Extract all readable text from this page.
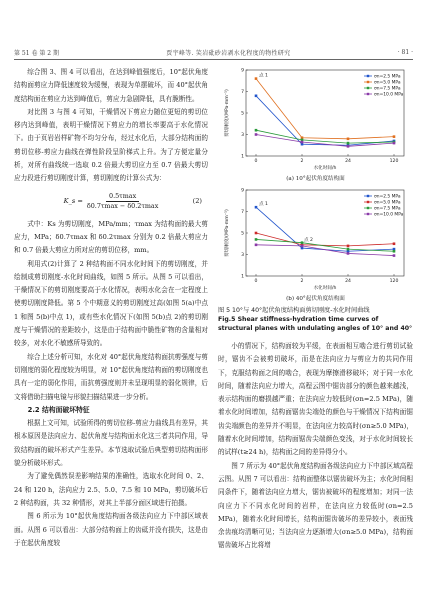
第 51 卷 第 2 期	贾宇峰等. 笑岩砒砂岩剥水化程度的物性研究	· 81 ·

综合图 3、图 4 可以看出，在达到峰值强度后，10°起伏角度结构面剪应力降低速度较为缓慢，表现为单摆破坏，而 40°起伏角度结构面在剪应力达到峰值后，剪应力急剧降低，具有脆断性。

对比图 3 与图 4 可知，干燥情况下剪应力随位更短的剪切位移内达到峰值，表明干燥情况下剪应力的增长率要高于水化情况下。由于页岩岩样矿物不均匀分布，经过水化后，大部分结构面的剪切位移-剪应力曲线在弹性阶段呈阶梯式上升。为了方便定量分析，对所有曲线统一选取 0.2 倍最大剪切应力至 0.7 倍最大剪切应力段进行剪切刚度计算，剪切刚度的计算公式为：

K_s = $\frac{0.5\tau\max}{\delta 0.7\tau\max - \delta 0.2\tau\max}$	(2)

式中：Ks 为剪切刚度，MPa/mm；τmax 为结构面的最大剪应力，MPa；δ0.7τmax 和 δ0.2τmax 分别为 0.2 倍最大剪应力和 0.7 倍最大剪应力所对应的剪切位移，mm。

利用式(2)计算了 2 种结构面不同水化时间下的剪切刚度，并绘制成剪切刚度-水化时间曲线，如图 5 所示。从图 5 可以看出，干燥情况下的剪切刚度要高于水化情况，表明水化会在一定程度上使剪切刚度降低。第 5 个中期意义的剪切刚度过高(如图 5(a)中点 1 和图 5(b)中点 1)，或有些水化情况下(如图 5(b)点 2)的剪切刚度与干燥情况的差距较小，这是由于结构面中脆性矿物的含量相对较多，对水化不敏感所导致的。

综合上述分析可知，水化对 40°起伏角度结构面抗剪强度与剪切刚度的弱化程度较为明显，对 10°起伏角度结构面的剪切刚度也具有一定的弱化作用，而抗剪强度则并未呈现明显的弱化规律，后文将借助扫描电镜与形貌扫描结果进一步分析。

2.2 结构面破坏特征

根据上文可知，试验所得的剪切位移-剪应力曲线具有差异，其根本原因是法向应力、起伏角度与结构面水化这三者共同作用，导致结构面的破坏形式产生差异。本节选取试验后典型剪切结构面形貌分析破坏形式。

为了避免偶然误差影响结果的准确性，选取水化时间 0、2、24 和 120 h，法向应力 2.5、5.0、7.5 和 10 MPa，剪切破坏后 2 种结构面，共 32 种情形，对其上半部分面区域进行拍摄。

图 6 所示为 10°起伏角度结构面各级法向应力下中部区域表面。从图 6 可以看出：大部分结构面上的齿砥并没有损失，这是由于在起伏角度较

1
3
5
7
9
0	2	24	120
水化时间/h
剪切刚度/(MPa·mm⁻¹)
σn=2.5 MPa
σn=5.0 MPa
σn=7.5 MPa
σn=10.0 MPa
点 1
(a) 10°起伏角度结构面
1
3
5
7
9
0	2	24	120
水化时间/h
剪切刚度/(MPa·mm⁻¹)
σn=2.5 MPa
σn=5.0 MPa
σn=7.5 MPa
σn=10.0 MPa
点 1
点 2
(b) 40°起伏角度结构面
图 5 10°与 40°起伏角度结构面剪切刚度-水化时间曲线
Fig.5 Shear stiffness-hydration time curves of structural planes with undulating angles of 10° and 40°

小的情况下，结构面较为平缓，在表面相互啮合进行剪切试验时，锯齿不会被剪切破坏，而是在法向应力与剪应力的共同作用下，克服结构面之间的啮合，表现为摩擦滑移破坏；对于同一水化时间，随着法向应力增大，高程云图中锯齿部分的颜色越来越浅，表示结构面的磨损越严重；在法向应力较低时(σn=2.5 MPa)，随着水化时间增加，结构面锯齿尖端处的颜色与干燥情况下结构面锯齿尖端颜色的差异并不明显，在法向应力较高时(σn≥5.0 MPa)，随着水化时间增加，结构面锯齿尖端颜色变浅，对于水化时间较长的试样(t≥24 h)，结构面之间的差异得分小。

图 7 所示为 40°起伏角度结构面各级法向应力下中部区域高程云图。从图 7 可以看出：结构面整体以锯齿破坏为主；水化时间相同条件下，随着法向应力增大，锯齿被破坏的程度增加；对同一法向应力下不同水化时间的岩样，在法向应力较低时(σn=2.5 MPa)，随着水化时间增长，结构面锯齿破坏的差异较小，表面残余齿痕均清晰可见；当法向应力逐渐增大(σn≥5.0 MPa)，结构面锯齿破坏占比将增
